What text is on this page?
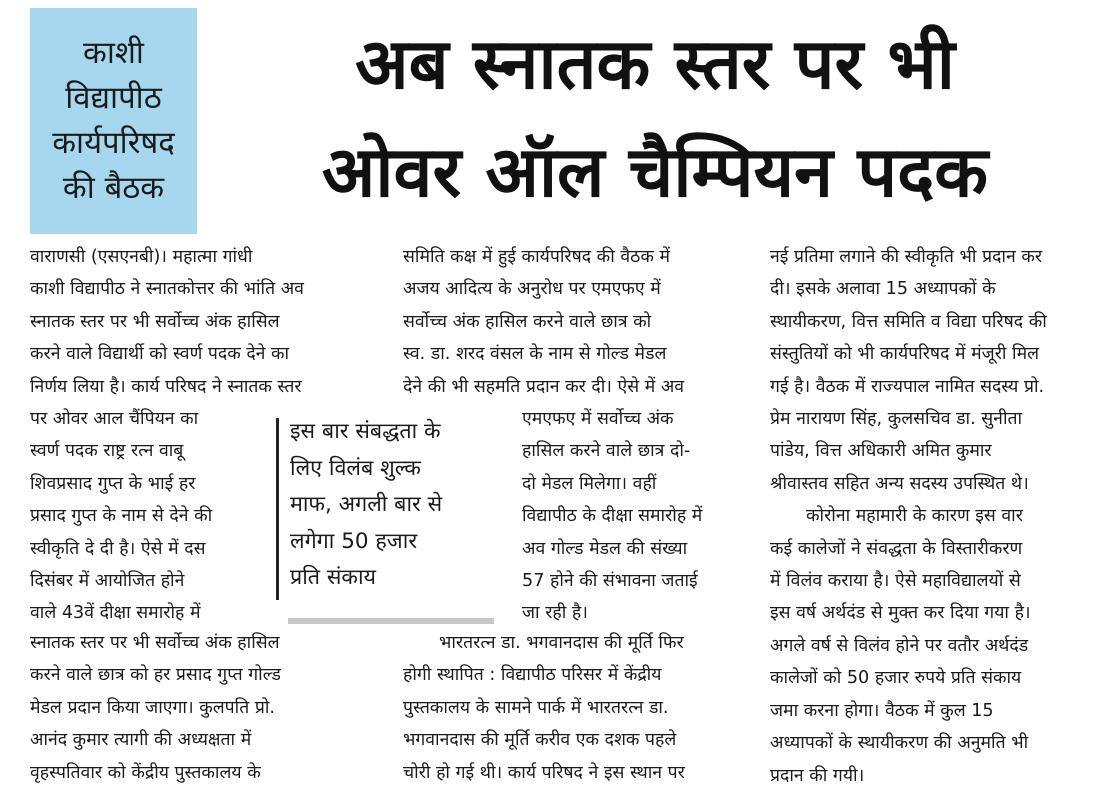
काशी
विद्यापीठ
कार्यपरिषद
की बैठक
अब स्नातक स्तर पर भी
ओवर ऑल चैम्पियन पदक

वाराणसी (एसएनबी)। महात्मा गांधी

काशी विद्यापीठ ने स्नातकोत्तर की भांति अव

स्नातक स्तर पर भी सर्वोच्च अंक हासिल

करने वाले विद्यार्थी को स्वर्ण पदक देने का

निर्णय लिया है। कार्य परिषद ने स्नातक स्तर

पर ओवर आल चैंपियन का

स्वर्ण पदक राष्ट्र रत्न वाबू

शिवप्रसाद गुप्त के भाई हर

प्रसाद गुप्त के नाम से देने की

स्वीकृति दे दी है। ऐसे में दस

दिसंबर में आयोजित होने

वाले 43वें दीक्षा समारोह में

इस बार संबद्धता के
लिए विलंब शुल्क
माफ, अगली बार से
लगेगा 50 हजार
प्रति संकाय

स्नातक स्तर पर भी सर्वोच्च अंक हासिल

करने वाले छात्र को हर प्रसाद गुप्त गोल्ड

मेडल प्रदान किया जाएगा। कुलपति प्रो.

आनंद कुमार त्यागी की अध्यक्षता में

वृहस्पतिवार को केंद्रीय पुस्तकालय के

समिति कक्ष में हुई कार्यपरिषद की वैठक में

अजय आदित्य के अनुरोध पर एमएफए में

सर्वोच्च अंक हासिल करने वाले छात्र को

स्व. डा. शरद वंसल के नाम से गोल्ड मेडल

देने की भी सहमति प्रदान कर दी। ऐसे में अव

एमएफए में सर्वोच्च अंक

हासिल करने वाले छात्र दो-

दो मेडल मिलेगा। वहीं

विद्यापीठ के दीक्षा समारोह में

अव गोल्ड मेडल की संख्या

57 होने की संभावना जताई

जा रही है।

भारतरत्न डा. भगवानदास की मूर्ति फिर

होगी स्थापित : विद्यापीठ परिसर में केंद्रीय

पुस्तकालय के सामने पार्क में भारतरत्न डा.

भगवानदास की मूर्ति करीव एक दशक पहले

चोरी हो गई थी। कार्य परिषद ने इस स्थान पर

नई प्रतिमा लगाने की स्वीकृति भी प्रदान कर

दी। इसके अलावा 15 अध्यापकों के

स्थायीकरण, वित्त समिति व विद्या परिषद की

संस्तुतियों को भी कार्यपरिषद में मंजूरी मिल

गई है। वैठक में राज्यपाल नामित सदस्य प्रो.

प्रेम नारायण सिंह, कुलसचिव डा. सुनीता

पांडेय, वित्त अधिकारी अमित कुमार

श्रीवास्तव सहित अन्य सदस्य उपस्थित थे।

कोरोना महामारी के कारण इस वार

कई कालेजों ने संवद्धता के विस्तारीकरण

में विलंव कराया है। ऐसे महाविद्यालयों से

इस वर्ष अर्थदंड से मुक्त कर दिया गया है।

अगले वर्ष से विलंव होने पर वतौर अर्थदंड

कालेजों को 50 हजार रुपये प्रति संकाय

जमा करना होगा। वैठक में कुल 15

अध्यापकों के स्थायीकरण की अनुमति भी

प्रदान की गयी।
